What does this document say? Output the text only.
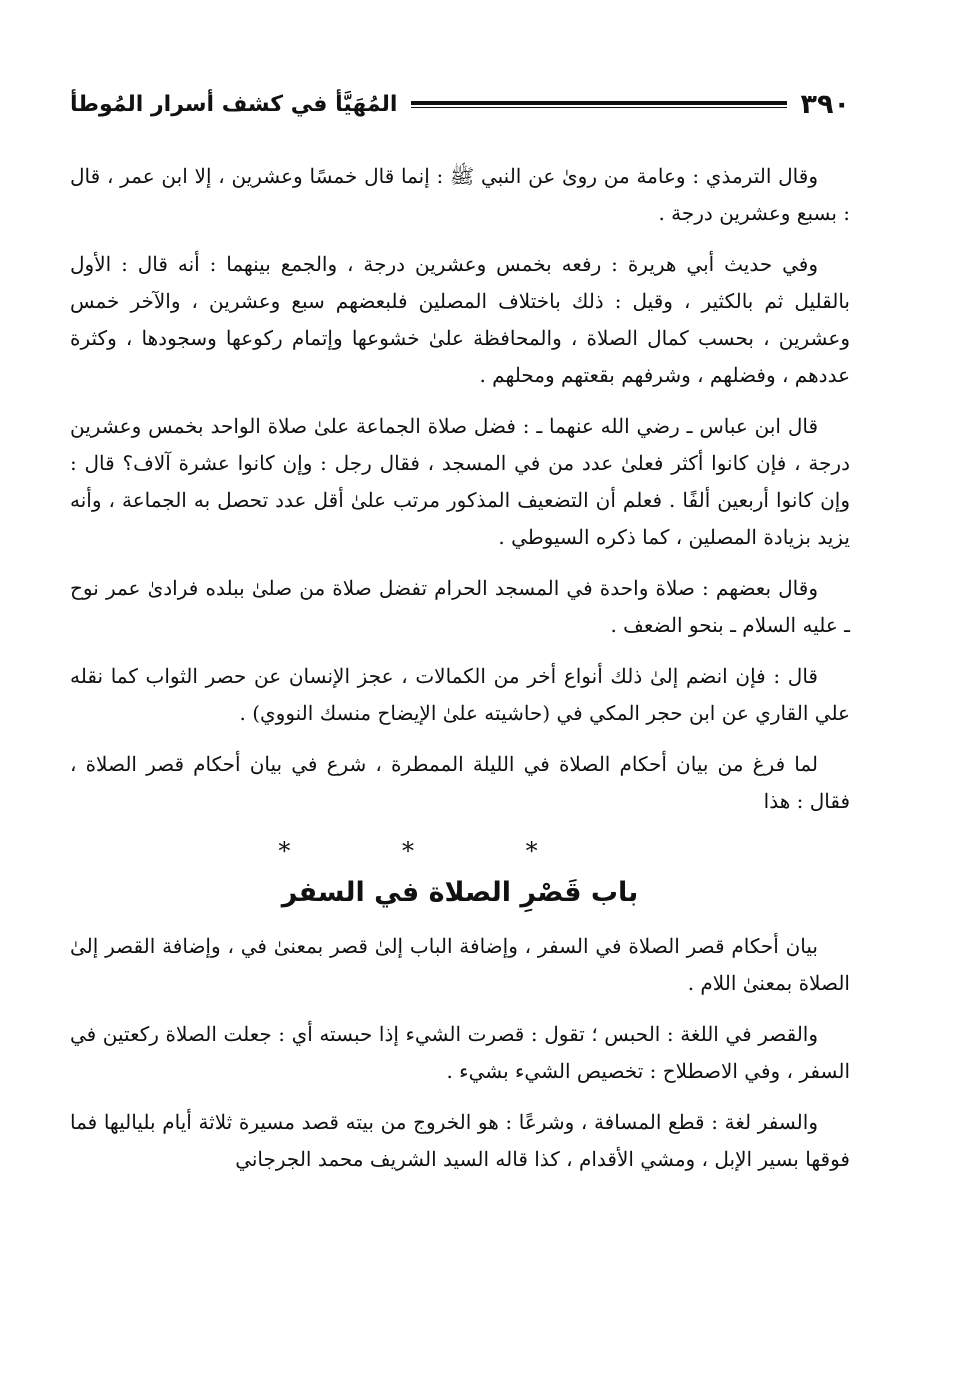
٣٩٠
المُهَيَّأ في كشف أسرار المُوطأ

وقال الترمذي : وعامة من روىٰ عن النبي ﷺ : إنما قال خمسًا وعشرين ، إلا ابن عمر ، قال : بسبع وعشرين درجة .

وفي حديث أبي هريرة : رفعه بخمس وعشرين درجة ، والجمع بينهما : أنه قال : الأول بالقليل ثم بالكثير ، وقيل : ذلك باختلاف المصلين فلبعضهم سبع وعشرين ، والآخر خمس وعشرين ، بحسب كمال الصلاة ، والمحافظة علىٰ خشوعها وإتمام ركوعها وسجودها ، وكثرة عددهم ، وفضلهم ، وشرفهم بقعتهم ومحلهم .

قال ابن عباس ـ رضي الله عنهما ـ : فضل صلاة الجماعة علىٰ صلاة الواحد بخمس وعشرين درجة ، فإن كانوا أكثر فعلىٰ عدد من في المسجد ، فقال رجل : وإن كانوا عشرة آلاف؟ قال : وإن كانوا أربعين ألفًا . فعلم أن التضعيف المذكور مرتب علىٰ أقل عدد تحصل به الجماعة ، وأنه يزيد بزيادة المصلين ، كما ذكره السيوطي .

وقال بعضهم : صلاة واحدة في المسجد الحرام تفضل صلاة من صلىٰ ببلده فرادىٰ عمر نوح ـ عليه السلام ـ بنحو الضعف .

قال : فإن انضم إلىٰ ذلك أنواع أخر من الكمالات ، عجز الإنسان عن حصر الثواب كما نقله علي القاري عن ابن حجر المكي في (حاشيته علىٰ الإيضاح منسك النووي) .

لما فرغ من بيان أحكام الصلاة في الليلة الممطرة ، شرع في بيان أحكام قصر الصلاة ، فقال : هذا

* * *
باب قَصْرِ الصلاة في السفر

بيان أحكام قصر الصلاة في السفر ، وإضافة الباب إلىٰ قصر بمعنىٰ في ، وإضافة القصر إلىٰ الصلاة بمعنىٰ اللام .

والقصر في اللغة : الحبس ؛ تقول : قصرت الشيء إذا حبسته أي : جعلت الصلاة ركعتين في السفر ، وفي الاصطلاح : تخصيص الشيء بشيء .

والسفر لغة : قطع المسافة ، وشرعًا : هو الخروج من بيته قصد مسيرة ثلاثة أيام بلياليها فما فوقها بسير الإبل ، ومشي الأقدام ، كذا قاله السيد الشريف محمد الجرجاني
